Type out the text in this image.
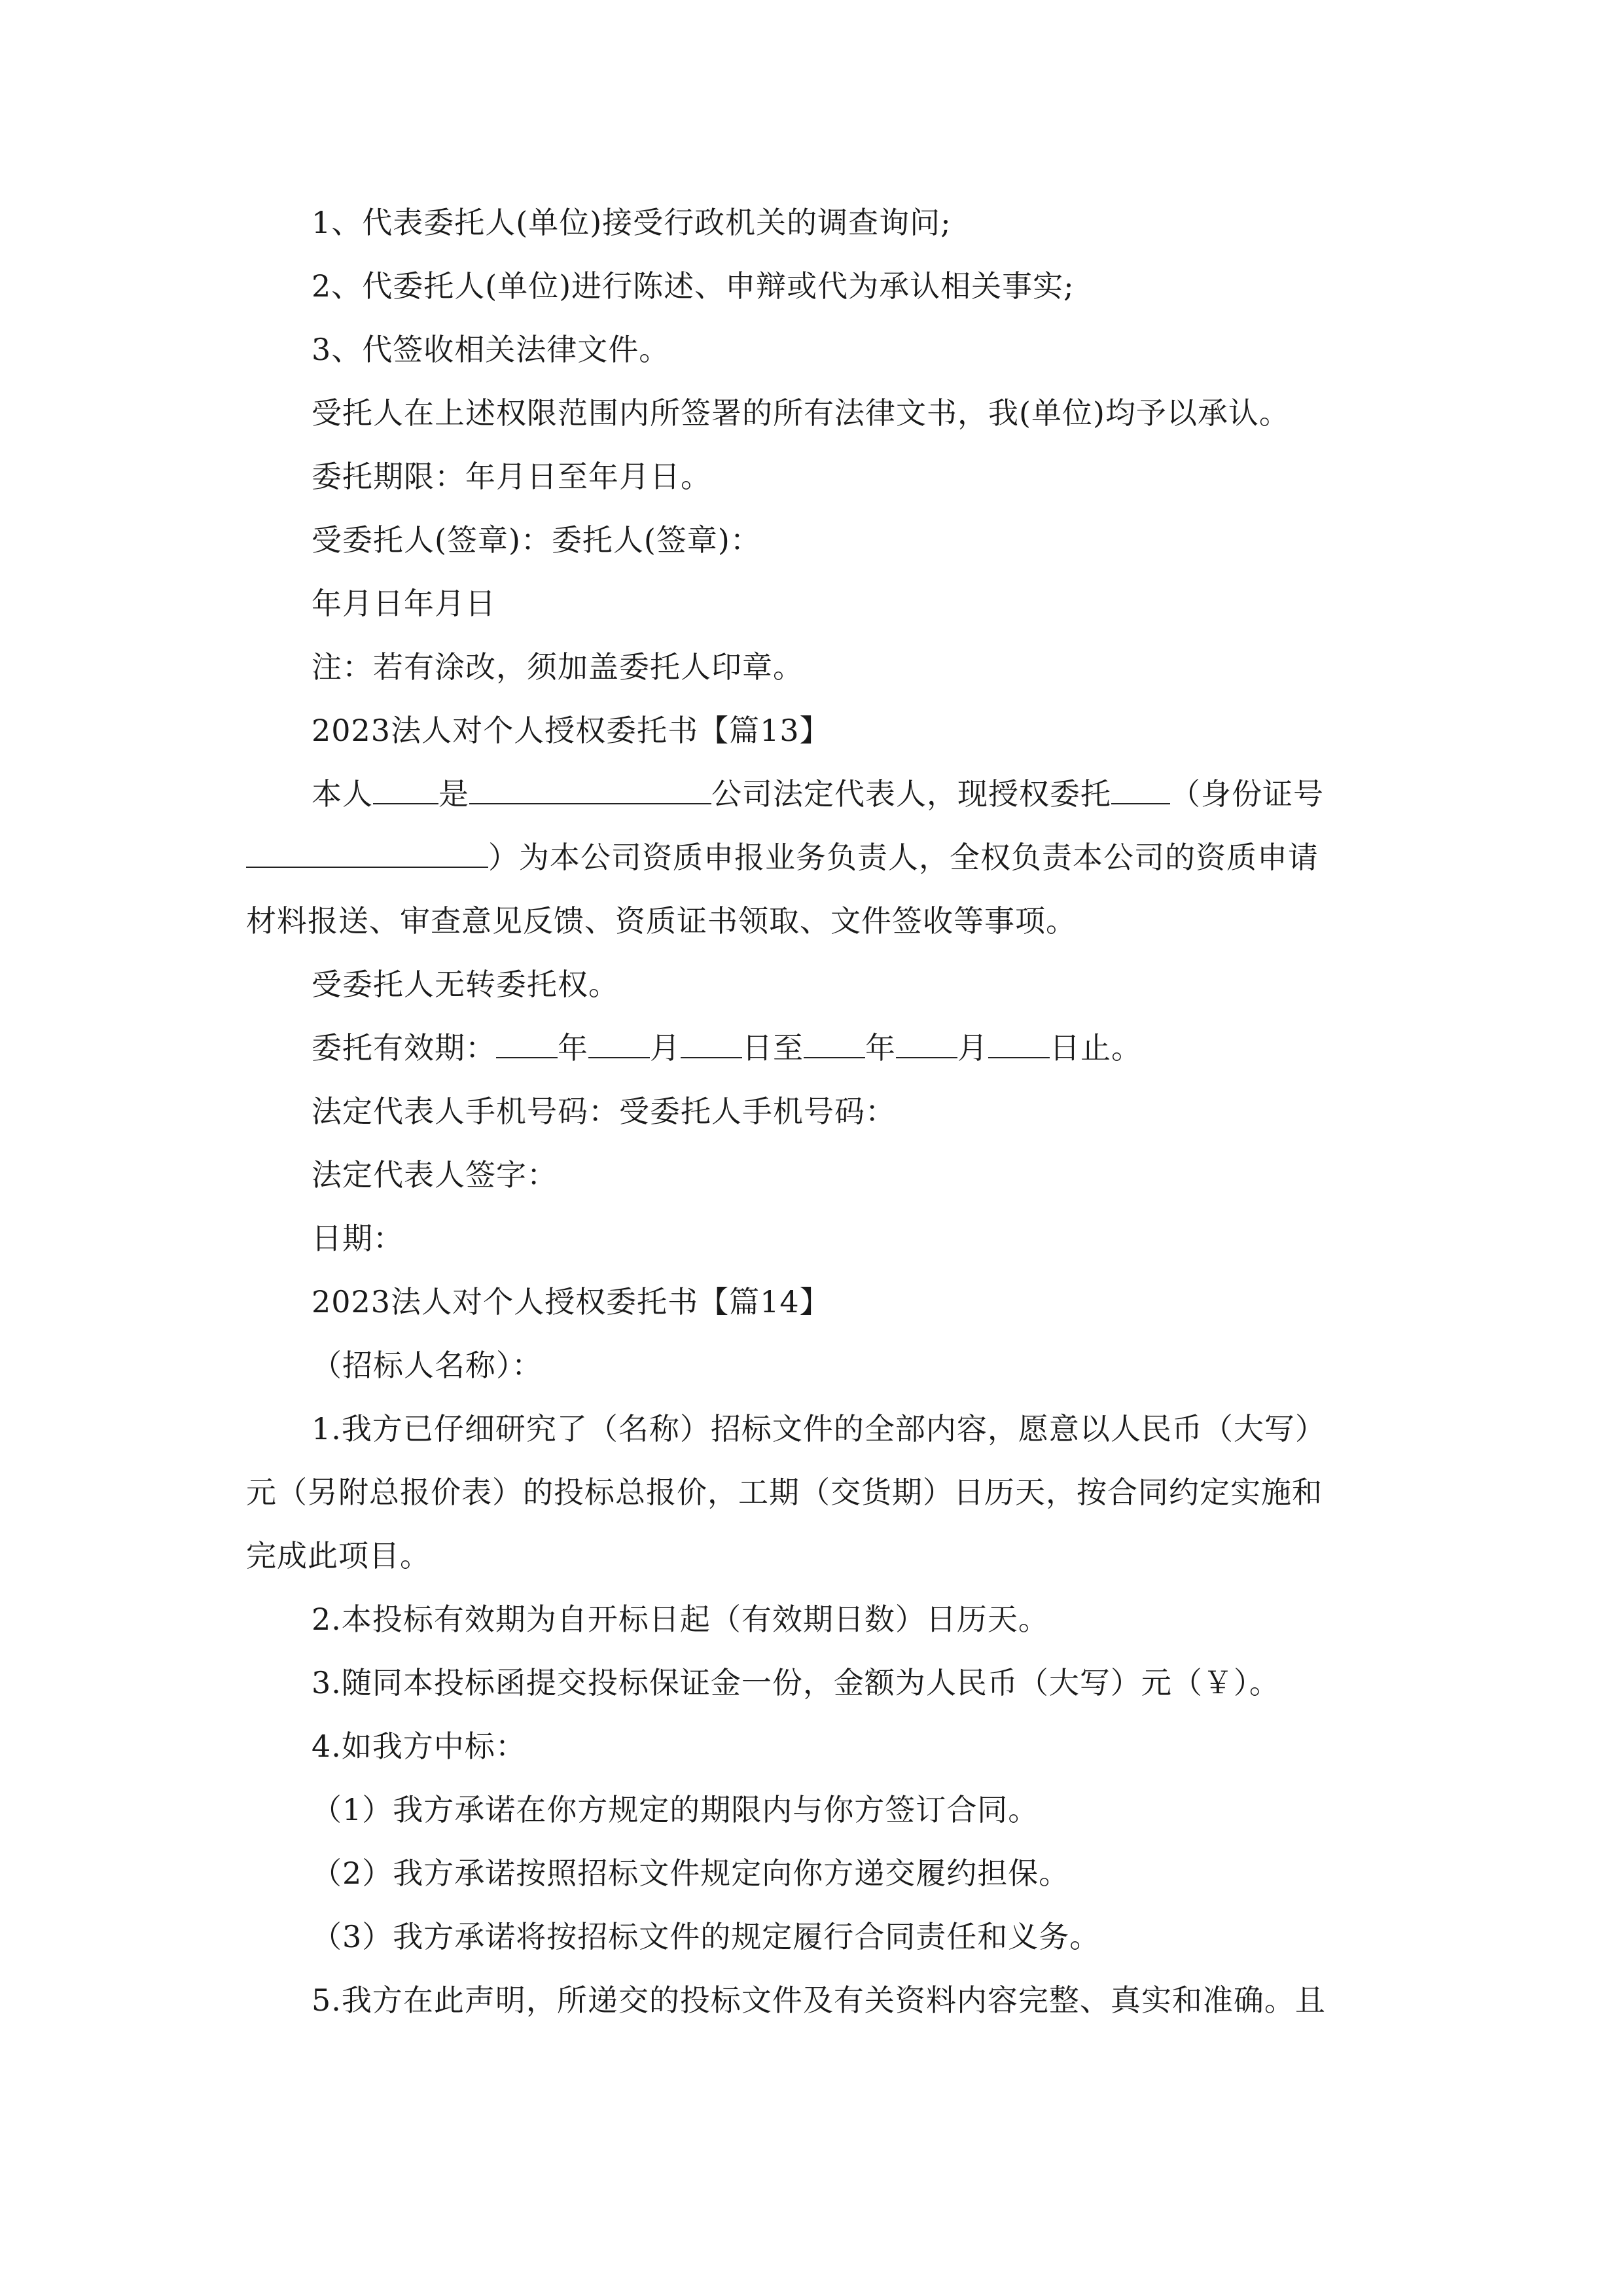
1、代表委托人(单位)接受行政机关的调查询问;
2、代委托人(单位)进行陈述、申辩或代为承认相关事实;
3、代签收相关法律文件。
受托人在上述权限范围内所签署的所有法律文书，我(单位)均予以承认。
委托期限：年月日至年月日。
受委托人(签章)：委托人(签章)：
年月日年月日
注：若有涂改，须加盖委托人印章。
2023法人对个人授权委托书【篇13】
本人 是	公司法定代表人，现授权委托 （身份证号
）为本公司资质申报业务负责人，全权负责本公司的资质申请
材料报送、审查意见反馈、资质证书领取、文件签收等事项。
受委托人无转委托权。
委托有效期： 年 月 日至 年 月 日止。
法定代表人手机号码：受委托人手机号码：
法定代表人签字：
日期：
2023法人对个人授权委托书【篇14】
（招标人名称）：
1.我方已仔细研究了（名称）招标文件的全部内容，愿意以人民币（大写）
元（另附总报价表）的投标总报价，工期（交货期）日历天，按合同约定实施和
完成此项目。
2.本投标有效期为自开标日起（有效期日数）日历天。
3.随同本投标函提交投标保证金一份，金额为人民币（大写）元（￥）。
4.如我方中标：
（1）我方承诺在你方规定的期限内与你方签订合同。
（2）我方承诺按照招标文件规定向你方递交履约担保。
（3）我方承诺将按招标文件的规定履行合同责任和义务。
5.我方在此声明，所递交的投标文件及有关资料内容完整、真实和准确。且
